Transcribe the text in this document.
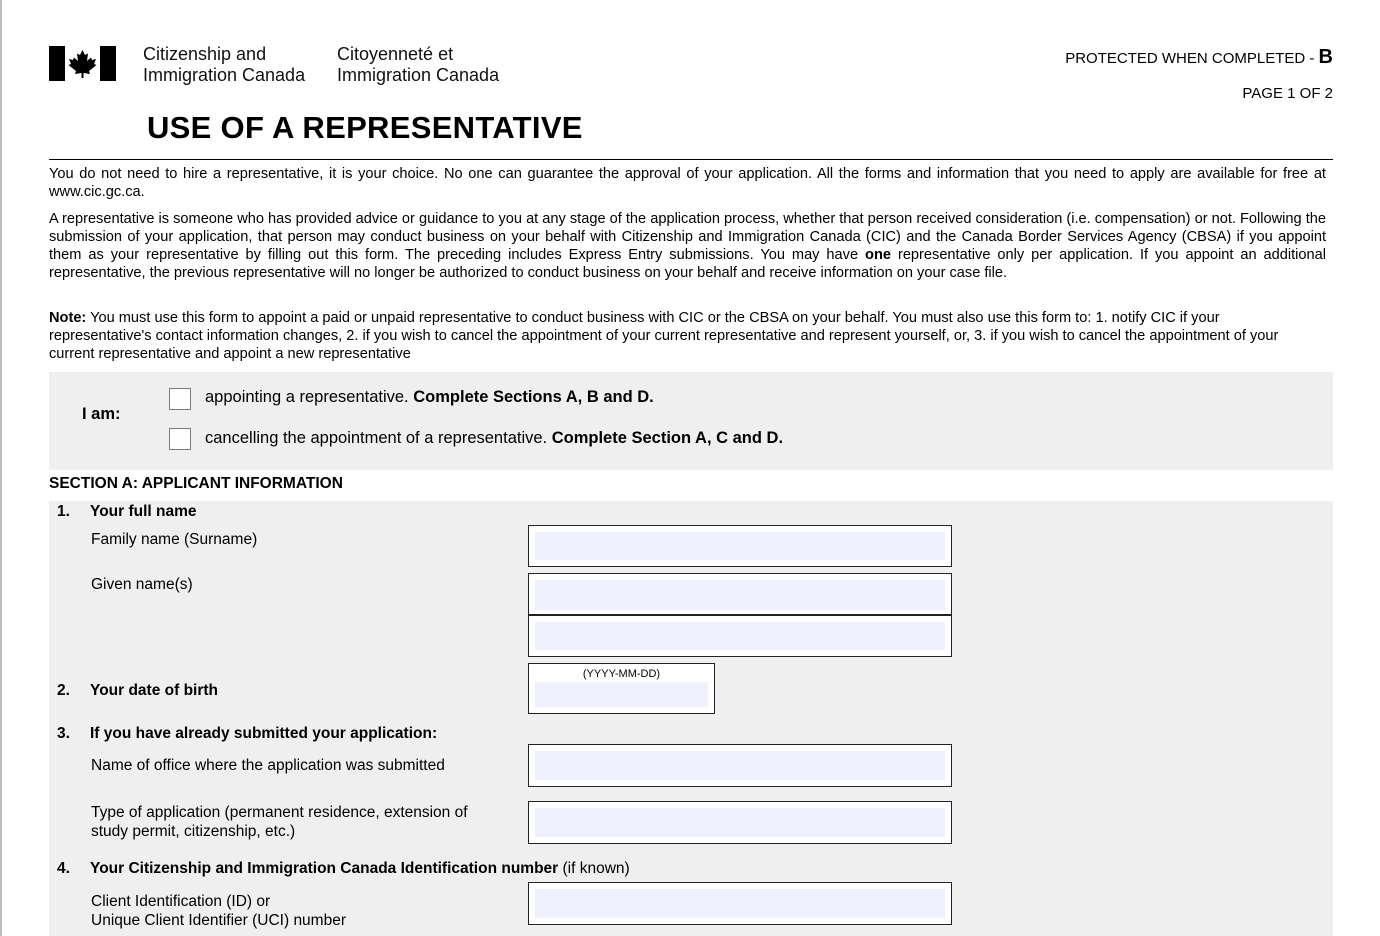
Citizenship and
Immigration Canada
Citoyenneté et
Immigration Canada
PROTECTED WHEN COMPLETED - B
PAGE 1 OF 2
USE OF A REPRESENTATIVE
You do not need to hire a representative, it is your choice. No one can guarantee the approval of your application. All the forms and information that you need to apply are available for free at www.cic.gc.ca.
A representative is someone who has provided advice or guidance to you at any stage of the application process, whether that person received consideration (i.e. compensation) or not. Following the submission of your application, that person may conduct business on your behalf with Citizenship and Immigration Canada (CIC) and the Canada Border Services Agency (CBSA) if you appoint them as your representative by filling out this form. The preceding includes Express Entry submissions. You may have one representative only per application. If you appoint an additional representative, the previous representative will no longer be authorized to conduct business on your behalf and receive information on your case file.
Note: You must use this form to appoint a paid or unpaid representative to conduct business with CIC or the CBSA on your behalf. You must also use this form to: 1. notify CIC if your representative's contact information changes, 2. if you wish to cancel the appointment of your current representative and represent yourself, or, 3. if you wish to cancel the appointment of your current representative and appoint a new representative
I am:
appointing a representative. Complete Sections A, B and D.
cancelling the appointment of a representative. Complete Section A, C and D.
SECTION A: APPLICANT INFORMATION
1. Your full name
Family name (Surname)
Given name(s)
2. Your date of birth
(YYYY-MM-DD)
3. If you have already submitted your application:
Name of office where the application was submitted
Type of application (permanent residence, extension of
study permit, citizenship, etc.)
4. Your Citizenship and Immigration Canada Identification number (if known)
Client Identification (ID) or
Unique Client Identifier (UCI) number
